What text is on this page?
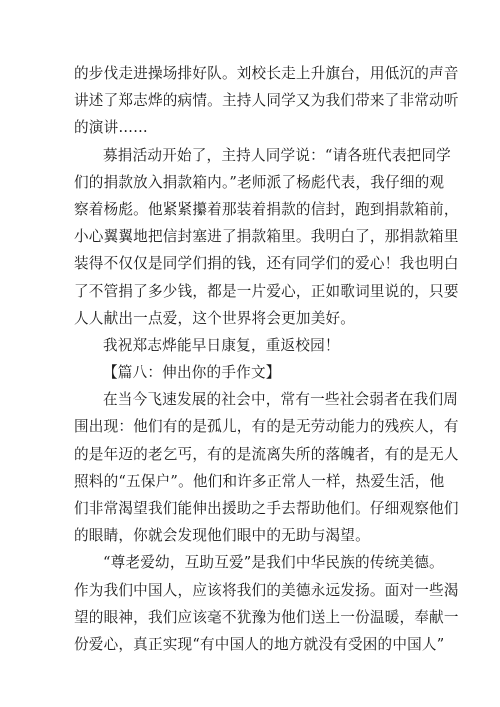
的步伐走进操场排好队。刘校长走上升旗台，用低沉的声音
讲述了郑志烨的病情。主持人同学又为我们带来了非常动听
的演讲……
募捐活动开始了，主持人同学说：“请各班代表把同学
们的捐款放入捐款箱内。”老师派了杨彪代表，我仔细的观
察着杨彪。他紧紧攥着那装着捐款的信封，跑到捐款箱前，
小心翼翼地把信封塞进了捐款箱里。我明白了，那捐款箱里
装得不仅仅是同学们捐的钱，还有同学们的爱心！我也明白
了不管捐了多少钱，都是一片爱心，正如歌词里说的，只要
人人献出一点爱，这个世界将会更加美好。
我祝郑志烨能早日康复，重返校园！
【篇八：伸出你的手作文】
在当今飞速发展的社会中，常有一些社会弱者在我们周
围出现：他们有的是孤儿，有的是无劳动能力的残疾人，有
的是年迈的老乞丐，有的是流离失所的落魄者，有的是无人
照料的“五保户”。他们和许多正常人一样，热爱生活，他
们非常渴望我们能伸出援助之手去帮助他们。仔细观察他们
的眼睛，你就会发现他们眼中的无助与渴望。
“尊老爱幼，互助互爱”是我们中华民族的传统美德。
作为我们中国人，应该将我们的美德永远发扬。面对一些渴
望的眼神，我们应该毫不犹豫为他们送上一份温暖，奉献一
份爱心，真正实现“有中国人的地方就没有受困的中国人”
